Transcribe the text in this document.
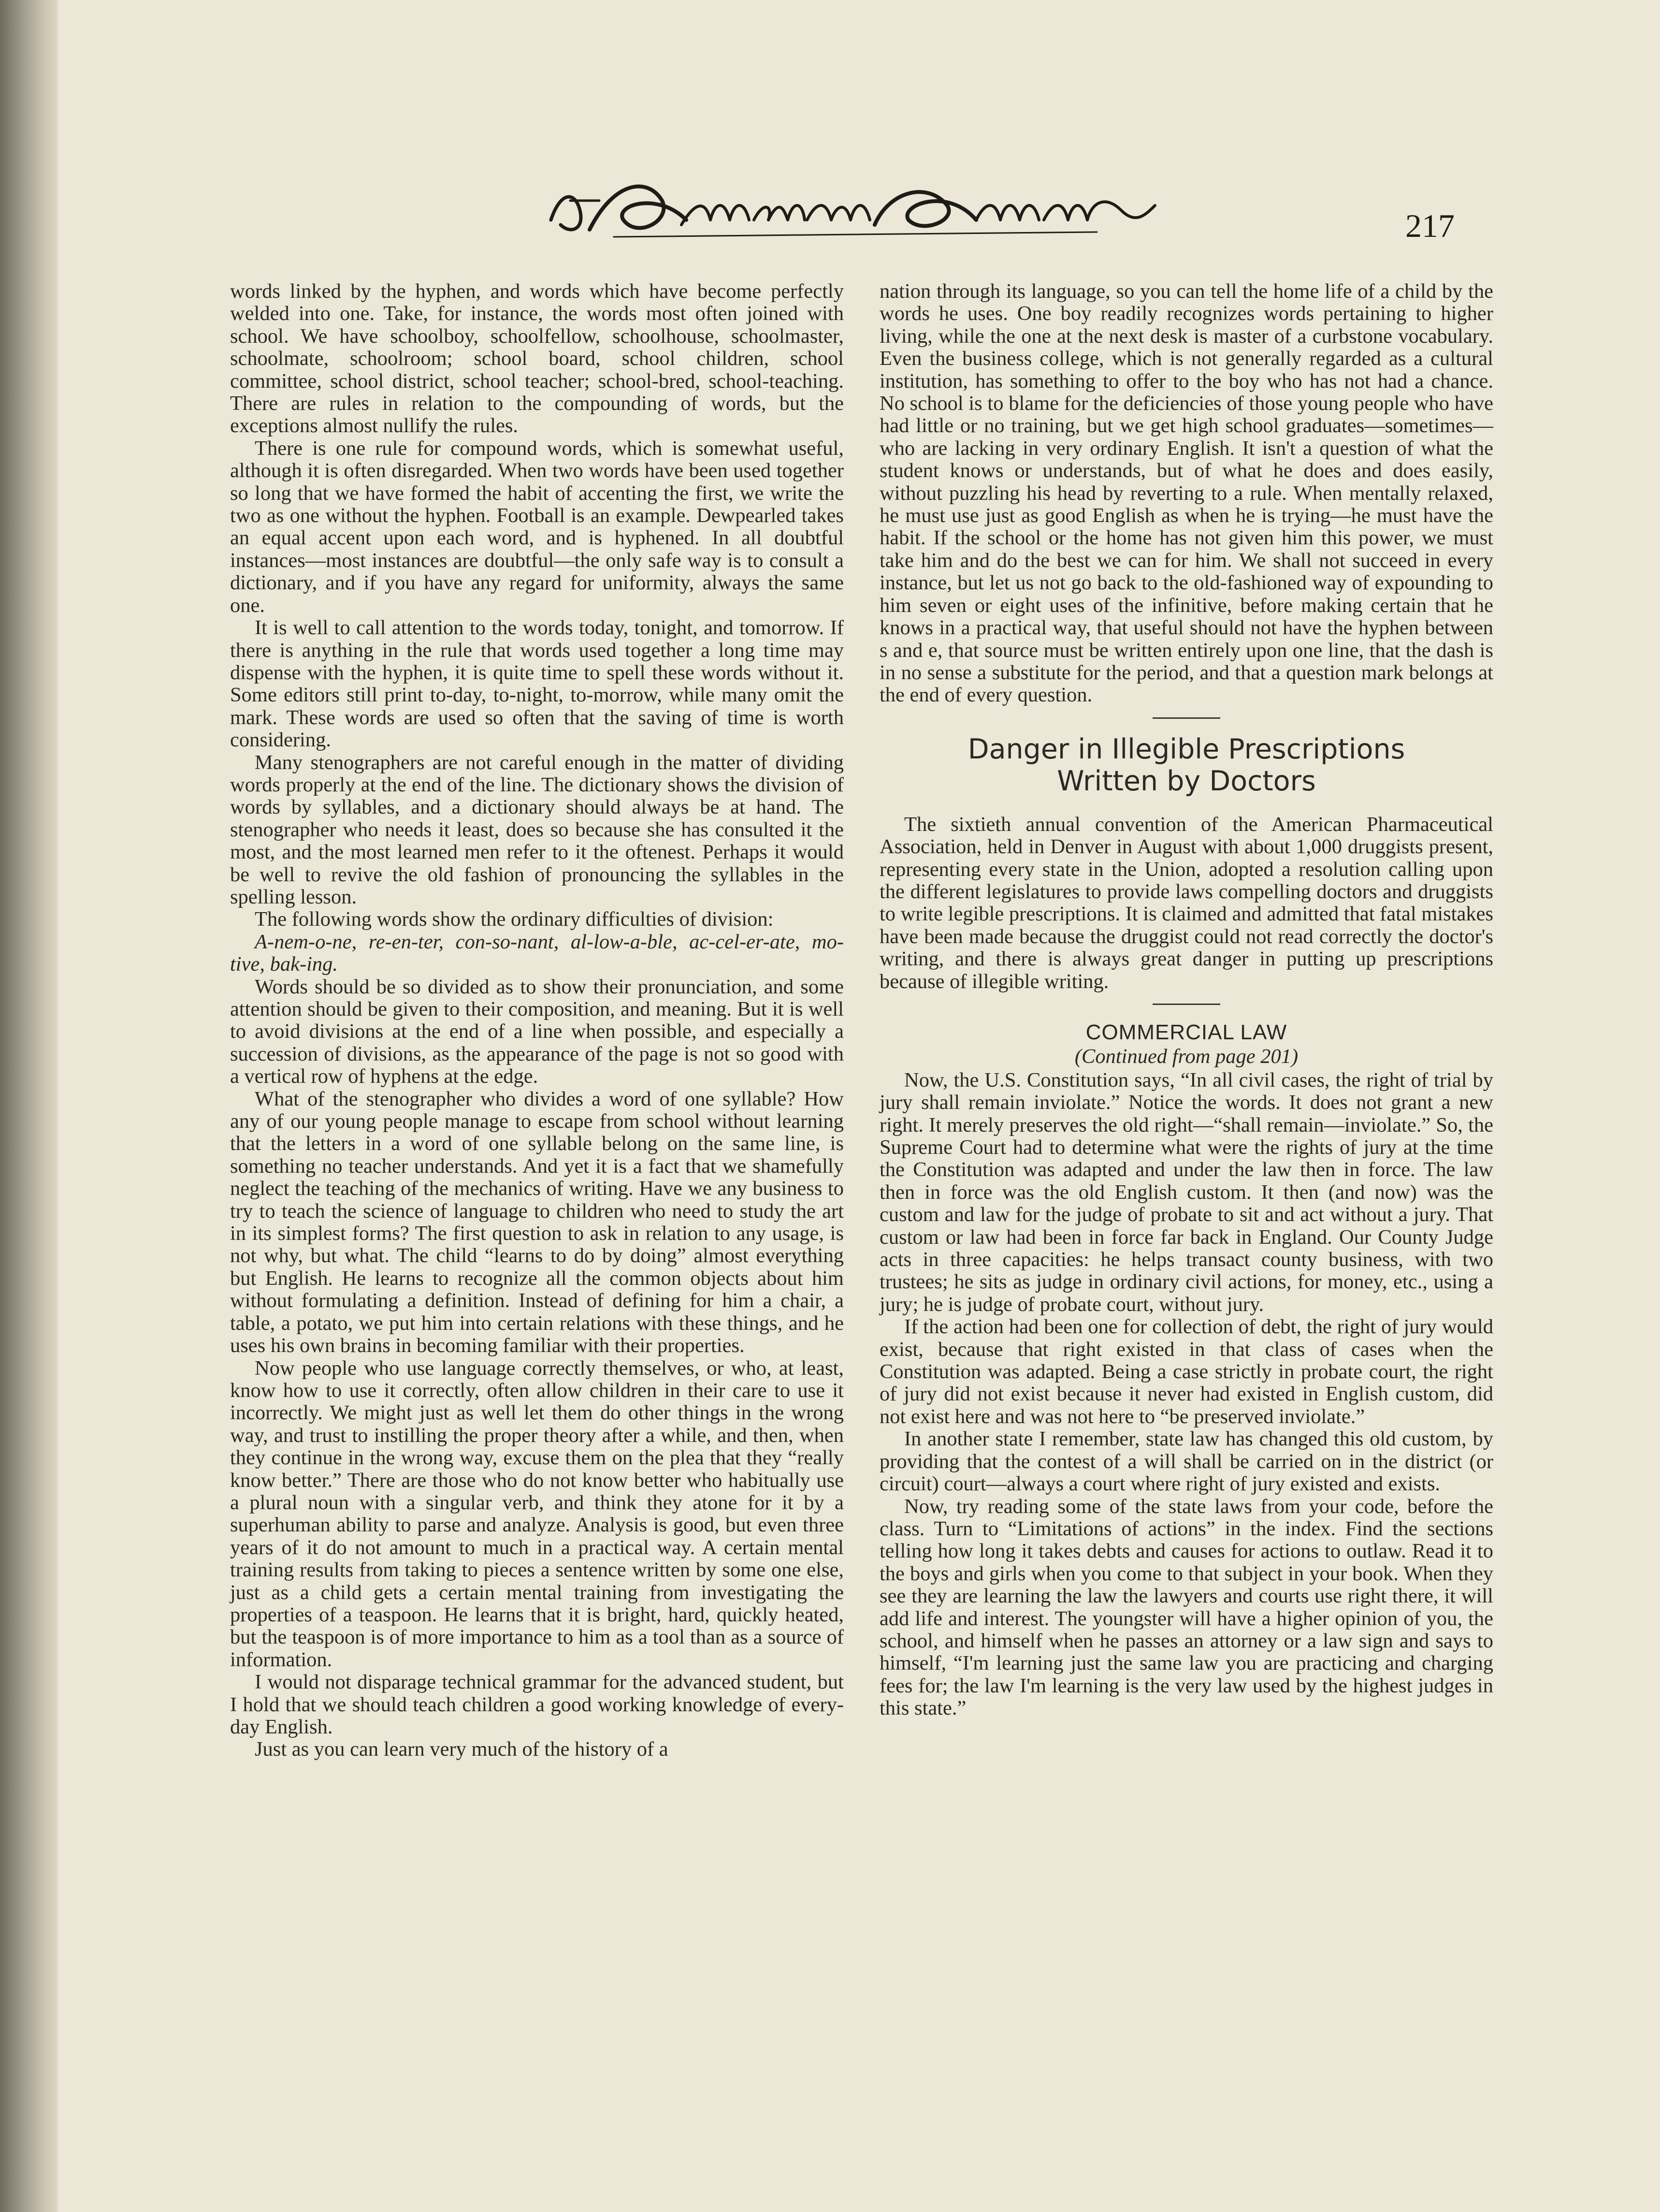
The American Penman
217

words linked by the hyphen, and words which have become perfectly welded into one. Take, for instance, the words most often joined with school. We have schoolboy, schoolfellow, schoolhouse, schoolmaster, schoolmate, schoolroom; school board, school children, school committee, school district, school teacher; school-bred, school-teaching. There are rules in relation to the compounding of words, but the exceptions almost nullify the rules.

There is one rule for compound words, which is somewhat useful, although it is often disregarded. When two words have been used together so long that we have formed the habit of accenting the first, we write the two as one without the hyphen. Football is an example. Dewpearled takes an equal accent upon each word, and is hyphened. In all doubtful instances—most instances are doubtful—the only safe way is to consult a dictionary, and if you have any regard for uniformity, always the same one.

It is well to call attention to the words today, tonight, and tomorrow. If there is anything in the rule that words used together a long time may dispense with the hyphen, it is quite time to spell these words without it. Some editors still print to-day, to-night, to-morrow, while many omit the mark. These words are used so often that the saving of time is worth considering.

Many stenographers are not careful enough in the matter of dividing words properly at the end of the line. The dictionary shows the division of words by syllables, and a dictionary should always be at hand. The stenographer who needs it least, does so because she has consulted it the most, and the most learned men refer to it the oftenest. Perhaps it would be well to revive the old fashion of pronouncing the syllables in the spelling lesson.

The following words show the ordinary difficulties of division:

A-nem-o-ne, re-en-ter, con-so-nant, al-low-a-ble, ac-cel-er-ate, mo-tive, bak-ing.

Words should be so divided as to show their pronunciation, and some attention should be given to their composition, and meaning. But it is well to avoid divisions at the end of a line when possible, and especially a succession of divisions, as the appearance of the page is not so good with a vertical row of hyphens at the edge.

What of the stenographer who divides a word of one syllable? How any of our young people manage to escape from school without learning that the letters in a word of one syllable belong on the same line, is something no teacher understands. And yet it is a fact that we shamefully neglect the teaching of the mechanics of writing. Have we any business to try to teach the science of language to children who need to study the art in its simplest forms? The first question to ask in relation to any usage, is not why, but what. The child “learns to do by doing” almost everything but English. He learns to recognize all the common objects about him without formulating a definition. Instead of defining for him a chair, a table, a potato, we put him into certain relations with these things, and he uses his own brains in becoming familiar with their properties.

Now people who use language correctly themselves, or who, at least, know how to use it correctly, often allow children in their care to use it incorrectly. We might just as well let them do other things in the wrong way, and trust to instilling the proper theory after a while, and then, when they continue in the wrong way, excuse them on the plea that they “really know better.” There are those who do not know better who habitually use a plural noun with a singular verb, and think they atone for it by a superhuman ability to parse and analyze. Analysis is good, but even three years of it do not amount to much in a practical way. A certain mental training results from taking to pieces a sentence written by some one else, just as a child gets a certain mental training from investigating the properties of a teaspoon. He learns that it is bright, hard, quickly heated, but the teaspoon is of more importance to him as a tool than as a source of information.

I would not disparage technical grammar for the advanced student, but I hold that we should teach children a good working knowledge of every-day English.

Just as you can learn very much of the history of a

nation through its language, so you can tell the home life of a child by the words he uses. One boy readily recognizes words pertaining to higher living, while the one at the next desk is master of a curbstone vocabulary. Even the business college, which is not generally regarded as a cultural institution, has something to offer to the boy who has not had a chance. No school is to blame for the deficiencies of those young people who have had little or no training, but we get high school graduates—sometimes—who are lacking in very ordinary English. It isn't a question of what the student knows or understands, but of what he does and does easily, without puzzling his head by reverting to a rule. When mentally relaxed, he must use just as good English as when he is trying—he must have the habit. If the school or the home has not given him this power, we must take him and do the best we can for him. We shall not succeed in every instance, but let us not go back to the old-fashioned way of expounding to him seven or eight uses of the infinitive, before making certain that he knows in a practical way, that useful should not have the hyphen between s and e, that source must be written entirely upon one line, that the dash is in no sense a substitute for the period, and that a question mark belongs at the end of every question.

Danger in Illegible Prescriptions
Written by Doctors

The sixtieth annual convention of the American Pharmaceutical Association, held in Denver in August with about 1,000 druggists present, representing every state in the Union, adopted a resolution calling upon the different legislatures to provide laws compelling doctors and druggists to write legible prescriptions. It is claimed and admitted that fatal mistakes have been made because the druggist could not read correctly the doctor's writing, and there is always great danger in putting up prescriptions because of illegible writing.

COMMERCIAL LAW
(Continued from page 201)

Now, the U.S. Constitution says, “In all civil cases, the right of trial by jury shall remain inviolate.” Notice the words. It does not grant a new right. It merely preserves the old right—“shall remain—inviolate.” So, the Supreme Court had to determine what were the rights of jury at the time the Constitution was adapted and under the law then in force. The law then in force was the old English custom. It then (and now) was the custom and law for the judge of probate to sit and act without a jury. That custom or law had been in force far back in England. Our County Judge acts in three capacities: he helps transact county business, with two trustees; he sits as judge in ordinary civil actions, for money, etc., using a jury; he is judge of probate court, without jury.

If the action had been one for collection of debt, the right of jury would exist, because that right existed in that class of cases when the Constitution was adapted. Being a case strictly in probate court, the right of jury did not exist because it never had existed in English custom, did not exist here and was not here to “be preserved inviolate.”

In another state I remember, state law has changed this old custom, by providing that the contest of a will shall be carried on in the district (or circuit) court—always a court where right of jury existed and exists.

Now, try reading some of the state laws from your code, before the class. Turn to “Limitations of actions” in the index. Find the sections telling how long it takes debts and causes for actions to outlaw. Read it to the boys and girls when you come to that subject in your book. When they see they are learning the law the lawyers and courts use right there, it will add life and interest. The youngster will have a higher opinion of you, the school, and himself when he passes an attorney or a law sign and says to himself, “I'm learning just the same law you are practicing and charging fees for; the law I'm learning is the very law used by the highest judges in this state.”
